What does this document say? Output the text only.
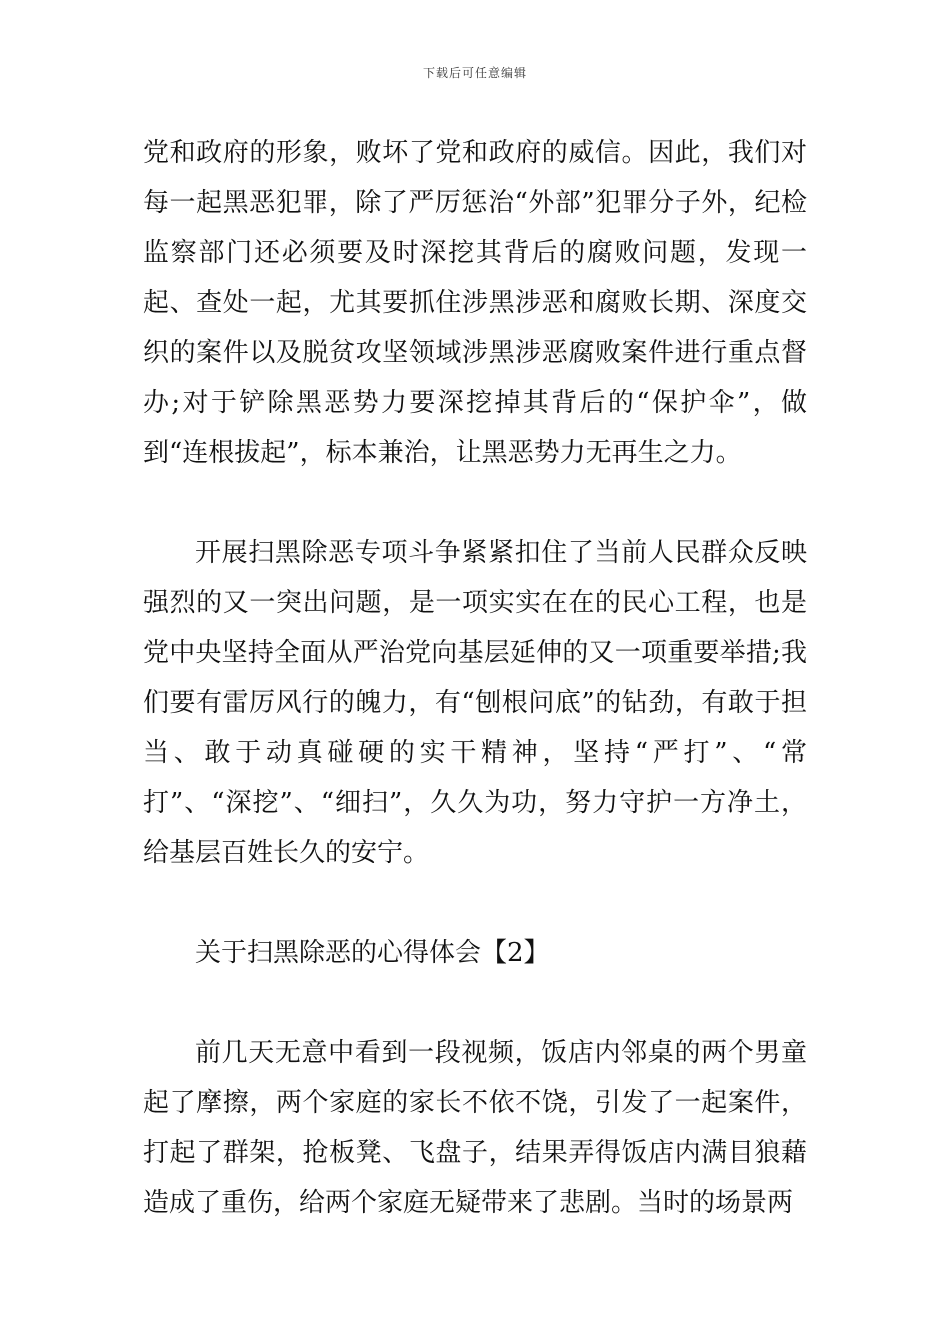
下载后可任意编辑

党和政府的形象，败坏了党和政府的威信。因此，我们对每一起黑恶犯罪，除了严厉惩治“外部”犯罪分子外，纪检监察部门还必须要及时深挖其背后的腐败问题，发现一起、查处一起，尤其要抓住涉黑涉恶和腐败长期、深度交织的案件以及脱贫攻坚领域涉黑涉恶腐败案件进行重点督办;对于铲除黑恶势力要深挖掉其背后的“保护伞”，做到“连根拔起”，标本兼治，让黑恶势力无再生之力。

开展扫黑除恶专项斗争紧紧扣住了当前人民群众反映强烈的又一突出问题，是一项实实在在的民心工程，也是党中央坚持全面从严治党向基层延伸的又一项重要举措;我们要有雷厉风行的魄力，有“刨根问底”的钻劲，有敢于担当、敢于动真碰硬的实干精神，坚持“严打”、“常打”、“深挖”、“细扫”，久久为功，努力守护一方净土，给基层百姓长久的安宁。

关于扫黑除恶的心得体会【2】

前几天无意中看到一段视频，饭店内邻桌的两个男童起了摩擦，两个家庭的家长不依不饶，引发了一起案件，打起了群架，抢板凳、飞盘子，结果弄得饭店内满目狼藉造成了重伤，给两个家庭无疑带来了悲剧。当时的场景两
